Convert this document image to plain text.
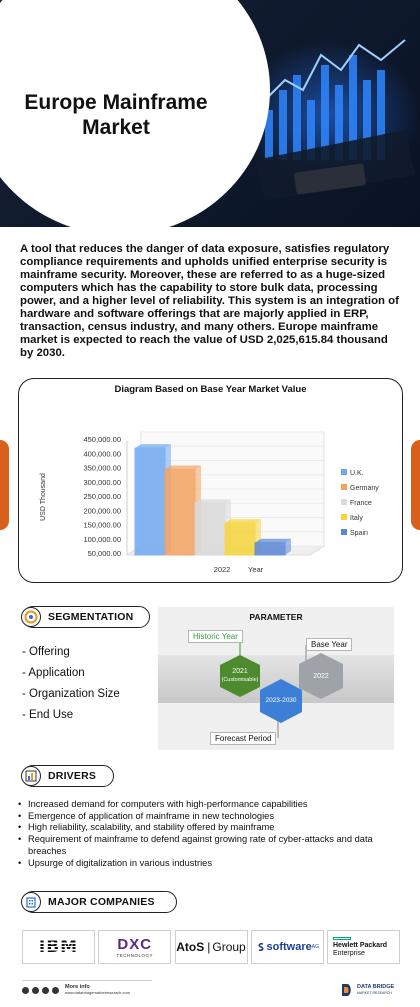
Europe Mainframe Market
A tool that reduces the danger of data exposure, satisfies regulatory compliance requirements and upholds unified enterprise security is mainframe security. Moreover, these are referred to as a huge-sized computers which has the capability to store bulk data, processing power, and a higher level of reliability. This system is an integration of hardware and software offerings that are majorly applied in ERP, transaction, census industry, and many others. Europe mainframe market is expected to reach the value of USD 2,025,615.84 thousand by 2030.
Diagram Based on Base Year Market Value
450,000.00
400,000.00
350,000.00
300,000.00
250,000.00
200,000.00
150,000.00
100,000.00
50,000.00
USD Thousand
2022 Year
U.K.
Germany
France
Italy
Spain
SEGMENTATION
- Offering
- Application
- Organization Size
- End Use
PARAMETER
Historic Year
Base Year
Forecast Period
2021
(Customisable)	2022
2023-2030
DRIVERS
• Increased demand for computers with high-performance capabilities
• Emergence of application of mainframe in new technologies
• High reliability, scalability, and stability offered by mainframe
• Requirement of mainframe to defend against growing rate of cyber-attacks and data breaches
• Upsurge of digitalization in various industries
MAJOR COMPANIES
IBM	DXC
TECHNOLOGY
AtoS | Group software AG Hewlett Packard
Enterprise
More info
www.databridgemarketresearch.com
DATA BRIDGE
MARKET RESEARCH
